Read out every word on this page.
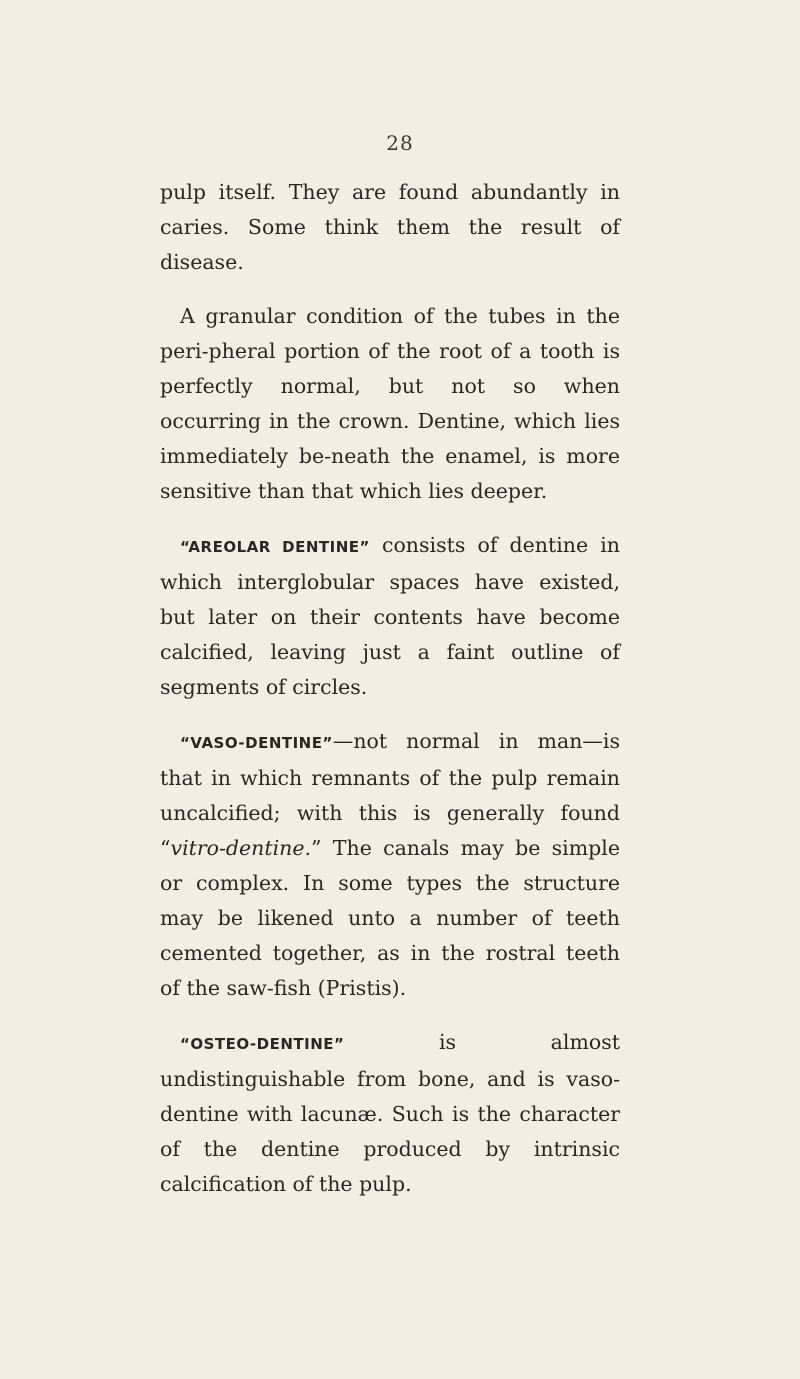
28

pulp itself. They are found abundantly in caries. Some think them the result of disease.

A granular condition of the tubes in the peri-pheral portion of the root of a tooth is perfectly normal, but not so when occurring in the crown. Dentine, which lies immediately be-neath the enamel, is more sensitive than that which lies deeper.

“AREOLAR DENTINE” consists of dentine in which interglobular spaces have existed, but later on their contents have become calcified, leaving just a faint outline of segments of circles.

“VASO-DENTINE”—not normal in man—is that in which remnants of the pulp remain uncalcified; with this is generally found “vitro-dentine.” The canals may be simple or complex. In some types the structure may be likened unto a number of teeth cemented together, as in the rostral teeth of the saw-fish (Pristis).

“OSTEO-DENTINE” is almost undistinguishable from bone, and is vaso-dentine with lacunæ. Such is the character of the dentine produced by intrinsic calcification of the pulp.
